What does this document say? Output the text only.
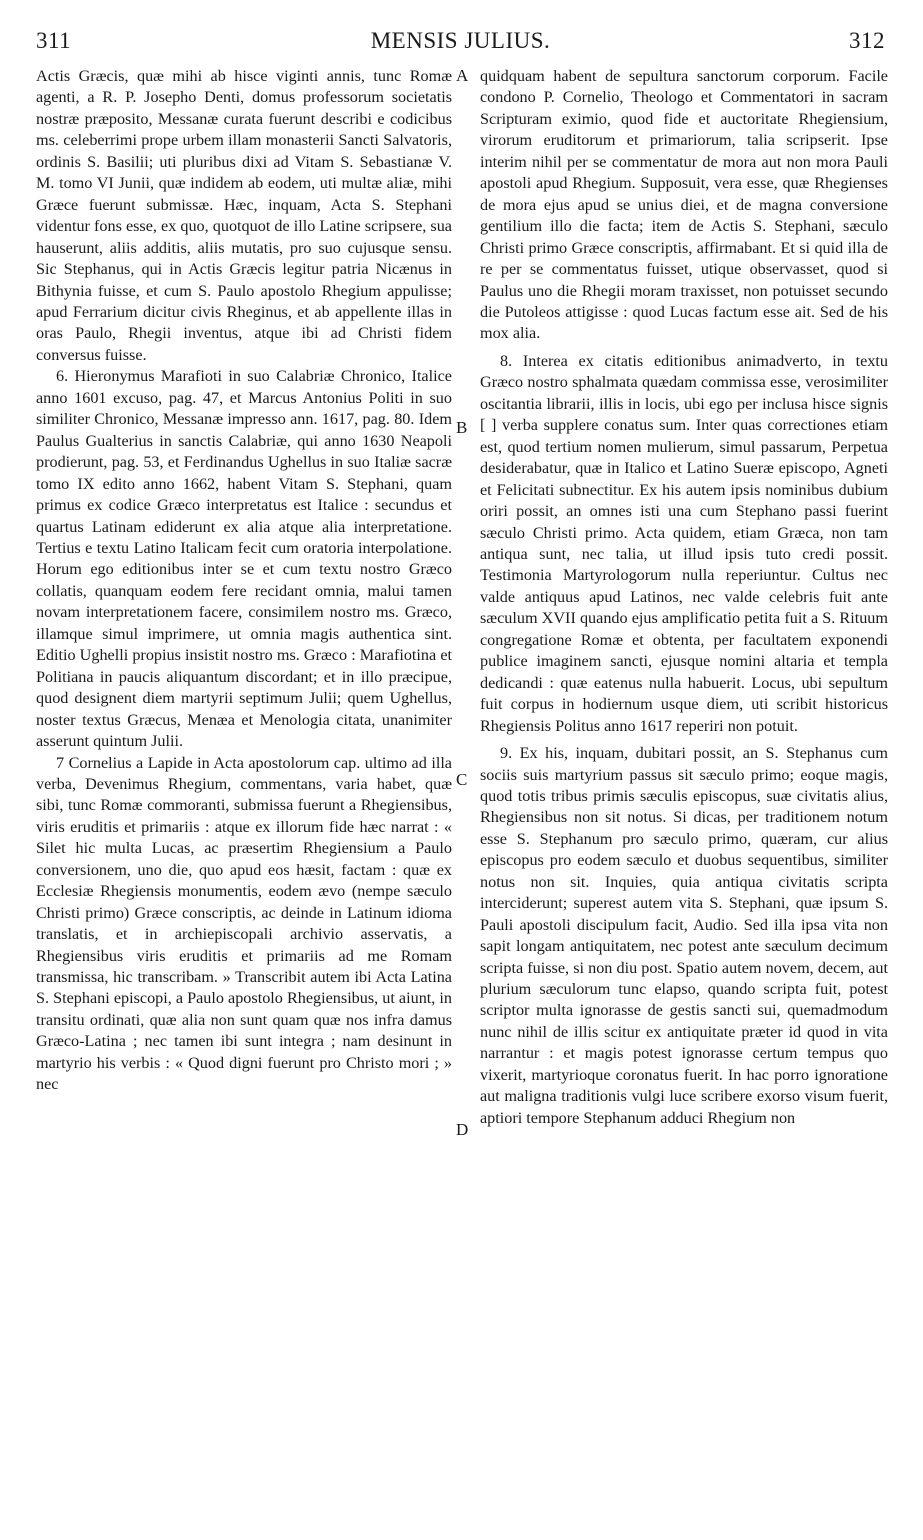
311	MENSIS JULIUS.	312

Actis Græcis, quæ mihi ab hisce viginti annis, tunc Romæ agenti, a R. P. Josepho Denti, domus professorum societatis nostræ præposito, Messanæ curata fuerunt describi e codicibus ms. celeberrimi prope urbem illam monasterii Sancti Salvatoris, ordinis S. Basilii; uti pluribus dixi ad Vitam S. Sebastianæ V. M. tomo VI Junii, quæ indidem ab eodem, uti multæ aliæ, mihi Græce fuerunt submissæ. Hæc, inquam, Acta S. Stephani videntur fons esse, ex quo, quotquot de illo Latine scripsere, sua hauserunt, aliis additis, aliis mutatis, pro suo cujusque sensu. Sic Stephanus, qui in Actis Græcis legitur patria Nicænus in Bithynia fuisse, et cum S. Paulo apostolo Rhegium appulisse; apud Ferrarium dicitur civis Rheginus, et ab appellente illas in oras Paulo, Rhegii inventus, atque ibi ad Christi fidem conversus fuisse.

6. Hieronymus Marafioti in suo Calabriæ Chronico, Italice anno 1601 excuso, pag. 47, et Marcus Antonius Politi in suo similiter Chronico, Messanæ impresso ann. 1617, pag. 80. Idem Paulus Gualterius in sanctis Calabriæ, qui anno 1630 Neapoli prodierunt, pag. 53, et Ferdinandus Ughellus in suo Italiæ sacræ tomo IX edito anno 1662, habent Vitam S. Stephani, quam primus ex codice Græco interpretatus est Italice : secundus et quartus Latinam ediderunt ex alia atque alia interpretatione. Tertius e textu Latino Italicam fecit cum oratoria interpolatione. Horum ego editionibus inter se et cum textu nostro Græco collatis, quanquam eodem fere recidant omnia, malui tamen novam interpretationem facere, consimilem nostro ms. Græco, illamque simul imprimere, ut omnia magis authentica sint. Editio Ughelli propius insistit nostro ms. Græco : Marafiotina et Politiana in paucis aliquantum discordant; et in illo præcipue, quod designent diem martyrii septimum Julii; quem Ughellus, noster textus Græcus, Menæa et Menologia citata, unanimiter asserunt quintum Julii.

7 Cornelius a Lapide in Acta apostolorum cap. ultimo ad illa verba, Devenimus Rhegium, commentans, varia habet, quæ sibi, tunc Romæ commoranti, submissa fuerunt a Rhegiensibus, viris eruditis et primariis : atque ex illorum fide hæc narrat : « Silet hic multa Lucas, ac præsertim Rhegiensium a Paulo conversionem, uno die, quo apud eos hæsit, factam : quæ ex Ecclesiæ Rhegiensis monumentis, eodem ævo (nempe sæculo Christi primo) Græce conscriptis, ac deinde in Latinum idioma translatis, et in archiepiscopali archivio asservatis, a Rhegiensibus viris eruditis et primariis ad me Romam transmissa, hic transcribam. » Transcribit autem ibi Acta Latina S. Stephani episcopi, a Paulo apostolo Rhegiensibus, ut aiunt, in transitu ordinati, quæ alia non sunt quam quæ nos infra damus Græco-Latina ; nec tamen ibi sunt integra ; nam desinunt in martyrio his verbis : « Quod digni fuerunt pro Christo mori ; » nec

A
B
C
D

quidquam habent de sepultura sanctorum corporum. Facile condono P. Cornelio, Theologo et Commentatori in sacram Scripturam eximio, quod fide et auctoritate Rhegiensium, virorum eruditorum et primariorum, talia scripserit. Ipse interim nihil per se commentatur de mora aut non mora Pauli apostoli apud Rhegium. Supposuit, vera esse, quæ Rhegienses de mora ejus apud se unius diei, et de magna conversione gentilium illo die facta; item de Actis S. Stephani, sæculo Christi primo Græce conscriptis, affirmabant. Et si quid illa de re per se commentatus fuisset, utique observasset, quod si Paulus uno die Rhegii moram traxisset, non potuisset secundo die Putoleos attigisse : quod Lucas factum esse ait. Sed de his mox alia.

8. Interea ex citatis editionibus animadverto, in textu Græco nostro sphalmata quædam commissa esse, verosimiliter oscitantia librarii, illis in locis, ubi ego per inclusa hisce signis [ ] verba supplere conatus sum. Inter quas correctiones etiam est, quod tertium nomen mulierum, simul passarum, Perpetua desiderabatur, quæ in Italico et Latino Sueræ episcopo, Agneti et Felicitati subnectitur. Ex his autem ipsis nominibus dubium oriri possit, an omnes isti una cum Stephano passi fuerint sæculo Christi primo. Acta quidem, etiam Græca, non tam antiqua sunt, nec talia, ut illud ipsis tuto credi possit. Testimonia Martyrologorum nulla reperiuntur. Cultus nec valde antiquus apud Latinos, nec valde celebris fuit ante sæculum XVII quando ejus amplificatio petita fuit a S. Rituum congregatione Romæ et obtenta, per facultatem exponendi publice imaginem sancti, ejusque nomini altaria et templa dedicandi : quæ eatenus nulla habuerit. Locus, ubi sepultum fuit corpus in hodiernum usque diem, uti scribit historicus Rhegiensis Politus anno 1617 reperiri non potuit.

9. Ex his, inquam, dubitari possit, an S. Stephanus cum sociis suis martyrium passus sit sæculo primo; eoque magis, quod totis tribus primis sæculis episcopus, suæ civitatis alius, Rhegiensibus non sit notus. Si dicas, per traditionem notum esse S. Stephanum pro sæculo primo, quæram, cur alius episcopus pro eodem sæculo et duobus sequentibus, similiter notus non sit. Inquies, quia antiqua civitatis scripta interciderunt; superest autem vita S. Stephani, quæ ipsum S. Pauli apostoli discipulum facit, Audio. Sed illa ipsa vita non sapit longam antiquitatem, nec potest ante sæculum decimum scripta fuisse, si non diu post. Spatio autem novem, decem, aut plurium sæculorum tunc elapso, quando scripta fuit, potest scriptor multa ignorasse de gestis sancti sui, quemadmodum nunc nihil de illis scitur ex antiquitate præter id quod in vita narrantur : et magis potest ignorasse certum tempus quo vixerit, martyrioque coronatus fuerit. In hac porro ignoratione aut maligna traditionis vulgi luce scribere exorso visum fuerit, aptiori tempore Stephanum adduci Rhegium non
